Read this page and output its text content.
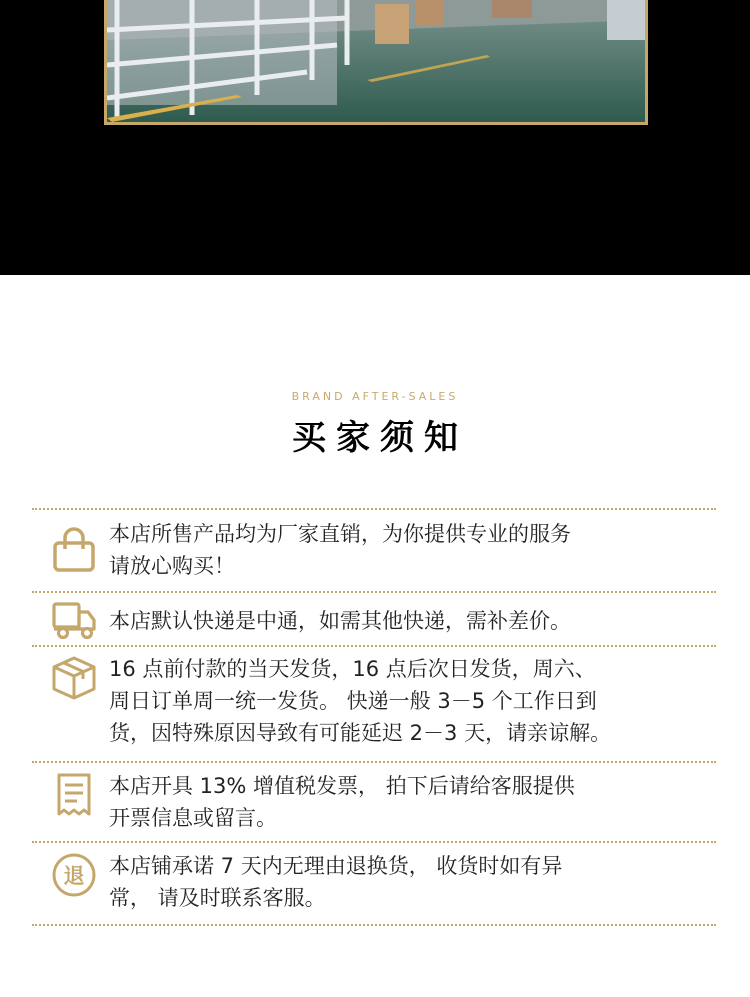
BRAND AFTER-SALES
买家须知

本店所售产品均为厂家直销，为你提供专业的服务

请放心购买！

本店默认快递是中通，如需其他快递，需补差价。

16 点前付款的当天发货，16 点后次日发货，周六、

周日订单周一统一发货。 快递一般 3－5 个工作日到

货，因特殊原因导致有可能延迟 2－3 天，请亲谅解。

本店开具 13% 增值税发票， 拍下后请给客服提供

开票信息或留言。

退 本店铺承诺 7 天内无理由退换货， 收货时如有异

常， 请及时联系客服。
